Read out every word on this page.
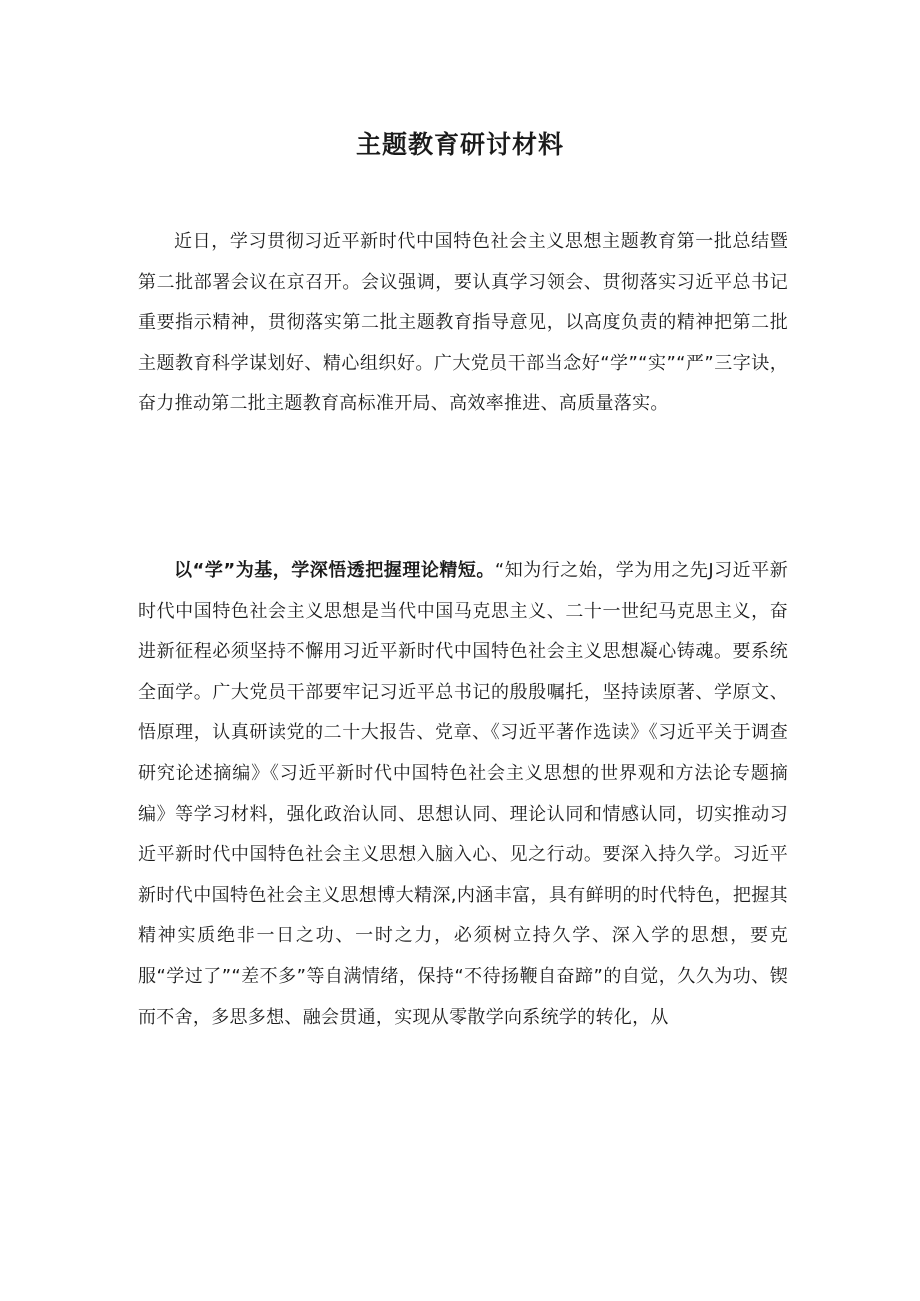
主题教育研讨材料

近日，学习贯彻习近平新时代中国特色社会主义思想主题教育第一批总结暨第二批部署会议在京召开。会议强调，要认真学习领会、贯彻落实习近平总书记重要指示精神，贯彻落实第二批主题教育指导意见，以高度负责的精神把第二批主题教育科学谋划好、精心组织好。广大党员干部当念好“学”“实”“严”三字诀，奋力推动第二批主题教育高标准开局、高效率推进、高质量落实。

以“学”为基，学深悟透把握理论精短。“知为行之始，学为用之先J习近平新时代中国特色社会主义思想是当代中国马克思主义、二十一世纪马克思主义，奋进新征程必须坚持不懈用习近平新时代中国特色社会主义思想凝心铸魂。要系统全面学。广大党员干部要牢记习近平总书记的殷殷嘱托，坚持读原著、学原文、悟原理，认真研读党的二十大报告、党章、《习近平著作选读》《习近平关于调查研究论述摘编》《习近平新时代中国特色社会主义思想的世界观和方法论专题摘编》等学习材料，强化政治认同、思想认同、理论认同和情感认同，切实推动习近平新时代中国特色社会主义思想入脑入心、见之行动。要深入持久学。习近平新时代中国特色社会主义思想博大精深,内涵丰富，具有鲜明的时代特色，把握其精神实质绝非一日之功、一时之力，必须树立持久学、深入学的思想，要克服“学过了”“差不多”等自满情绪，保持“不待扬鞭自奋蹄”的自觉，久久为功、锲而不舍，多思多想、融会贯通，实现从零散学向系统学的转化，从
